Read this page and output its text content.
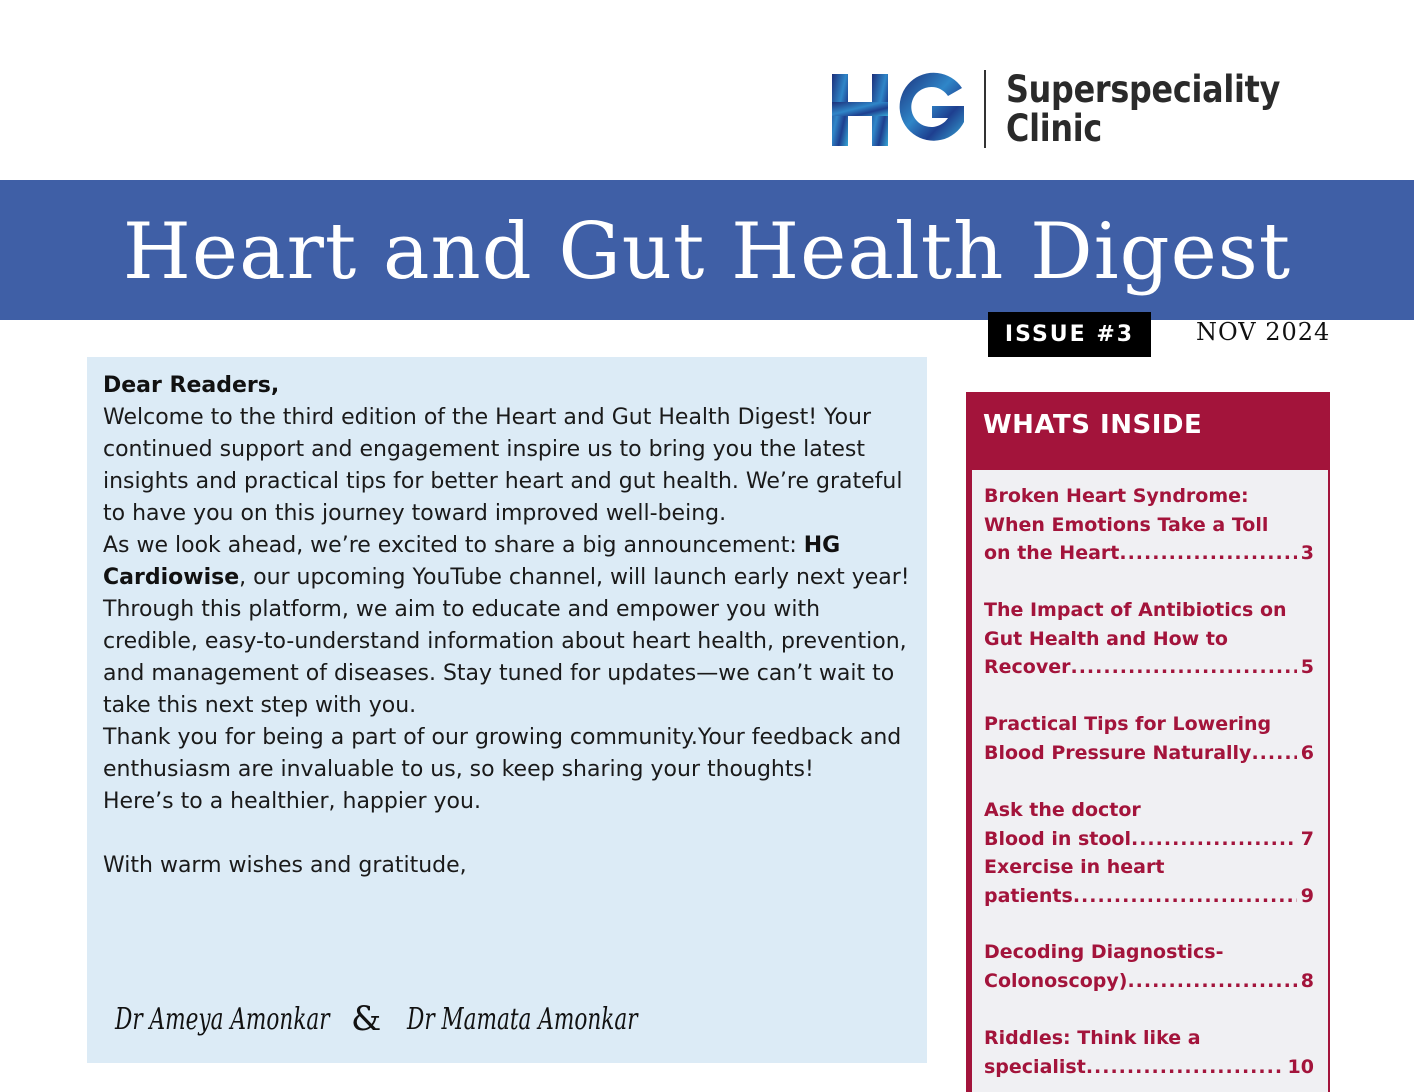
Superspeciality
Clinic
Heart and Gut Health Digest
ISSUE #3	NOV 2024

Dear Readers,

Welcome to the third edition of the Heart and Gut Health Digest! Your continued support and engagement inspire us to bring you the latest insights and practical tips for better heart and gut health. We’re grateful to have you on this journey toward improved well-being.

As we look ahead, we’re excited to share a big announcement: HG Cardiowise, our upcoming YouTube channel, will launch early next year! Through this platform, we aim to educate and empower you with credible, easy-to-understand information about heart health, prevention, and management of diseases. Stay tuned for updates—we can’t wait to take this next step with you.

Thank you for being a part of our growing community.Your feedback and enthusiasm are invaluable to us, so keep sharing your thoughts!

Here’s to a healthier, happier you.

With warm wishes and gratitude,

Dr Ameya Amonkar & Dr Mamata Amonkar
WHATS INSIDE
Broken Heart Syndrome:
When Emotions Take a Toll
on the Heart .....	3
The Impact of Antibiotics on
Gut Health and How to
Recover .....	5
Practical Tips for Lowering
Blood Pressure Naturally .....	6
Ask the doctor
Blood in stool .....	7
Exercise in heart
patients .....	9
Decoding Diagnostics-
Colonoscopy) .....	8
Riddles: Think like a
specialist .....	10
